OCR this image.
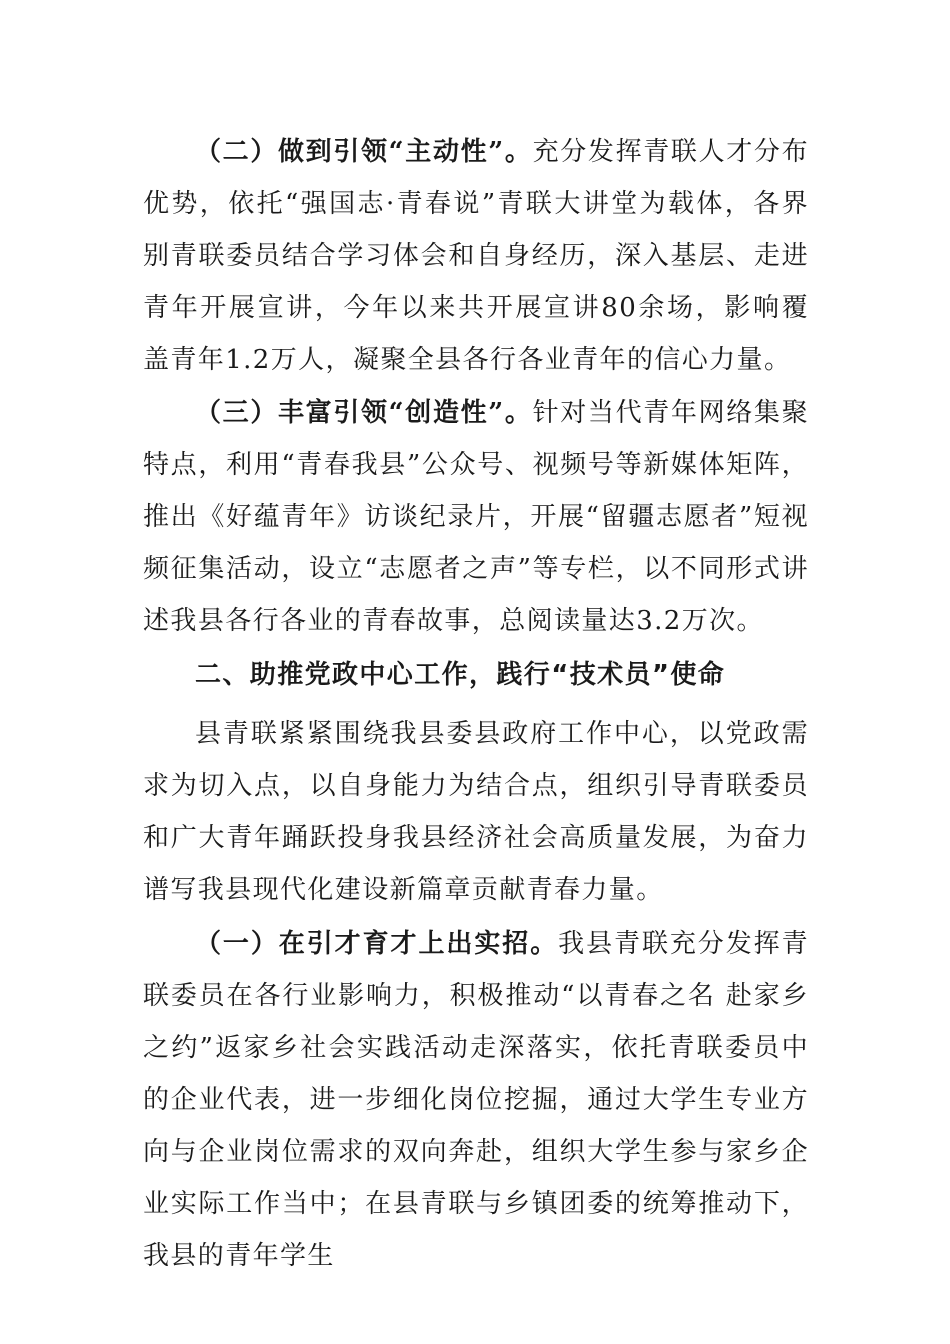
（二）做到引领“主动性”。充分发挥青联人才分布优势，依托“强国志·青春说”青联大讲堂为载体，各界别青联委员结合学习体会和自身经历，深入基层、走进青年开展宣讲，今年以来共开展宣讲80余场，影响覆盖青年1.2万人，凝聚全县各行各业青年的信心力量。

（三）丰富引领“创造性”。针对当代青年网络集聚特点，利用“青春我县”公众号、视频号等新媒体矩阵，推出《好蕴青年》访谈纪录片，开展“留疆志愿者”短视频征集活动，设立“志愿者之声”等专栏，以不同形式讲述我县各行各业的青春故事，总阅读量达3.2万次。

二、助推党政中心工作，践行“技术员”使命

县青联紧紧围绕我县委县政府工作中心，以党政需求为切入点，以自身能力为结合点，组织引导青联委员和广大青年踊跃投身我县经济社会高质量发展，为奋力谱写我县现代化建设新篇章贡献青春力量。

（一）在引才育才上出实招。我县青联充分发挥青联委员在各行业影响力，积极推动“以青春之名 赴家乡之约”返家乡社会实践活动走深落实，依托青联委员中的企业代表，进一步细化岗位挖掘，通过大学生专业方向与企业岗位需求的双向奔赴，组织大学生参与家乡企业实际工作当中；在县青联与乡镇团委的统筹推动下，我县的青年学生
